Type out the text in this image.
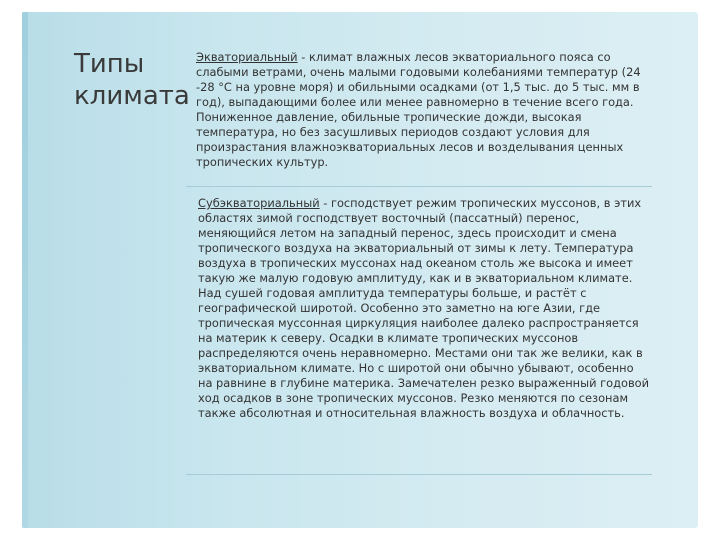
Типы
климата

Экваториальный - климат влажных лесов экваториального пояса со слабыми ветрами, очень малыми годовыми колебаниями температур (24 -28 °С на уровне моря) и обильными осадками (от 1,5 тыс. до 5 тыс. мм в год), выпадающими более или менее равномерно в течение всего года. Пониженное давление, обильные тропические дожди, высокая температура, но без засушливых периодов создают условия для произрастания влажноэкваториальных лесов и возделывания ценных тропических культур.

Субэкваториальный - господствует режим тропических муссонов, в этих областях зимой господствует восточный (пассатный) перенос, меняющийся летом на западный перенос, здесь происходит и смена тропического воздуха на экваториальный от зимы к лету. Температура воздуха в тропических муссонах над океаном столь же высока и имеет такую же малую годовую амплитуду, как и в экваториальном климате. Над сушей годовая амплитуда температуры больше, и растёт с географической широтой. Особенно это заметно на юге Азии, где тропическая муссонная циркуляция наиболее далеко распространяется на материк к северу. Осадки в климате тропических муссонов распределяются очень неравномерно. Местами они так же велики, как в экваториальном климате. Но с широтой они обычно убывают, особенно на равнине в глубине материка. Замечателен резко выраженный годовой ход осадков в зоне тропических муссонов. Резко меняются по сезонам также абсолютная и относительная влажность воздуха и облачность.
